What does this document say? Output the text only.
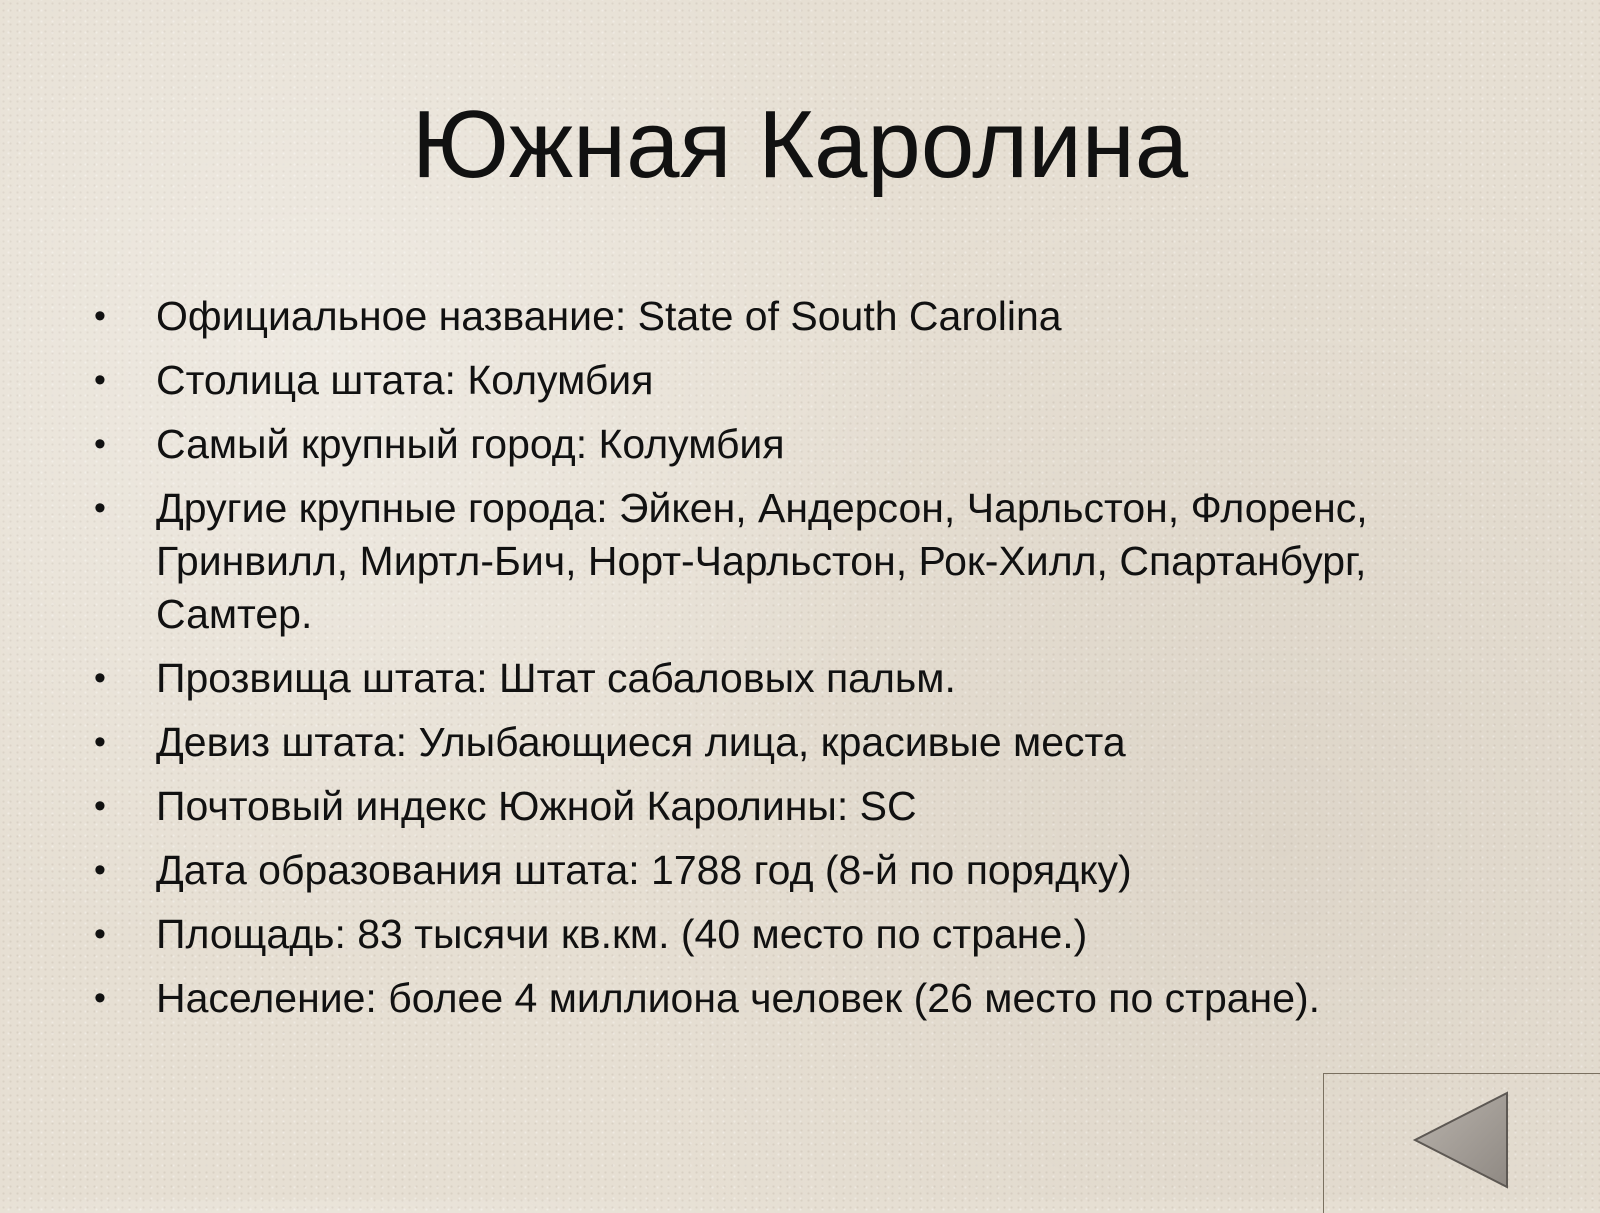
Южная Каролина
• Официальное название: State of South Carolina
• Столица штата: Колумбия
• Самый крупный город: Колумбия
• Другие крупные города: Эйкен, Андерсон, Чарльстон, Флоренс, Гринвилл, Миртл-Бич, Норт-Чарльстон, Рок-Хилл, Спартанбург, Самтер.
• Прозвища штата: Штат сабаловых пальм.
• Девиз штата: Улыбающиеся лица, красивые места
• Почтовый индекс Южной Каролины: SC
• Дата образования штата: 1788 год (8-й по порядку)
• Площадь: 83 тысячи кв.км. (40 место по стране.)
• Население: более 4 миллиона человек (26 место по стране).
